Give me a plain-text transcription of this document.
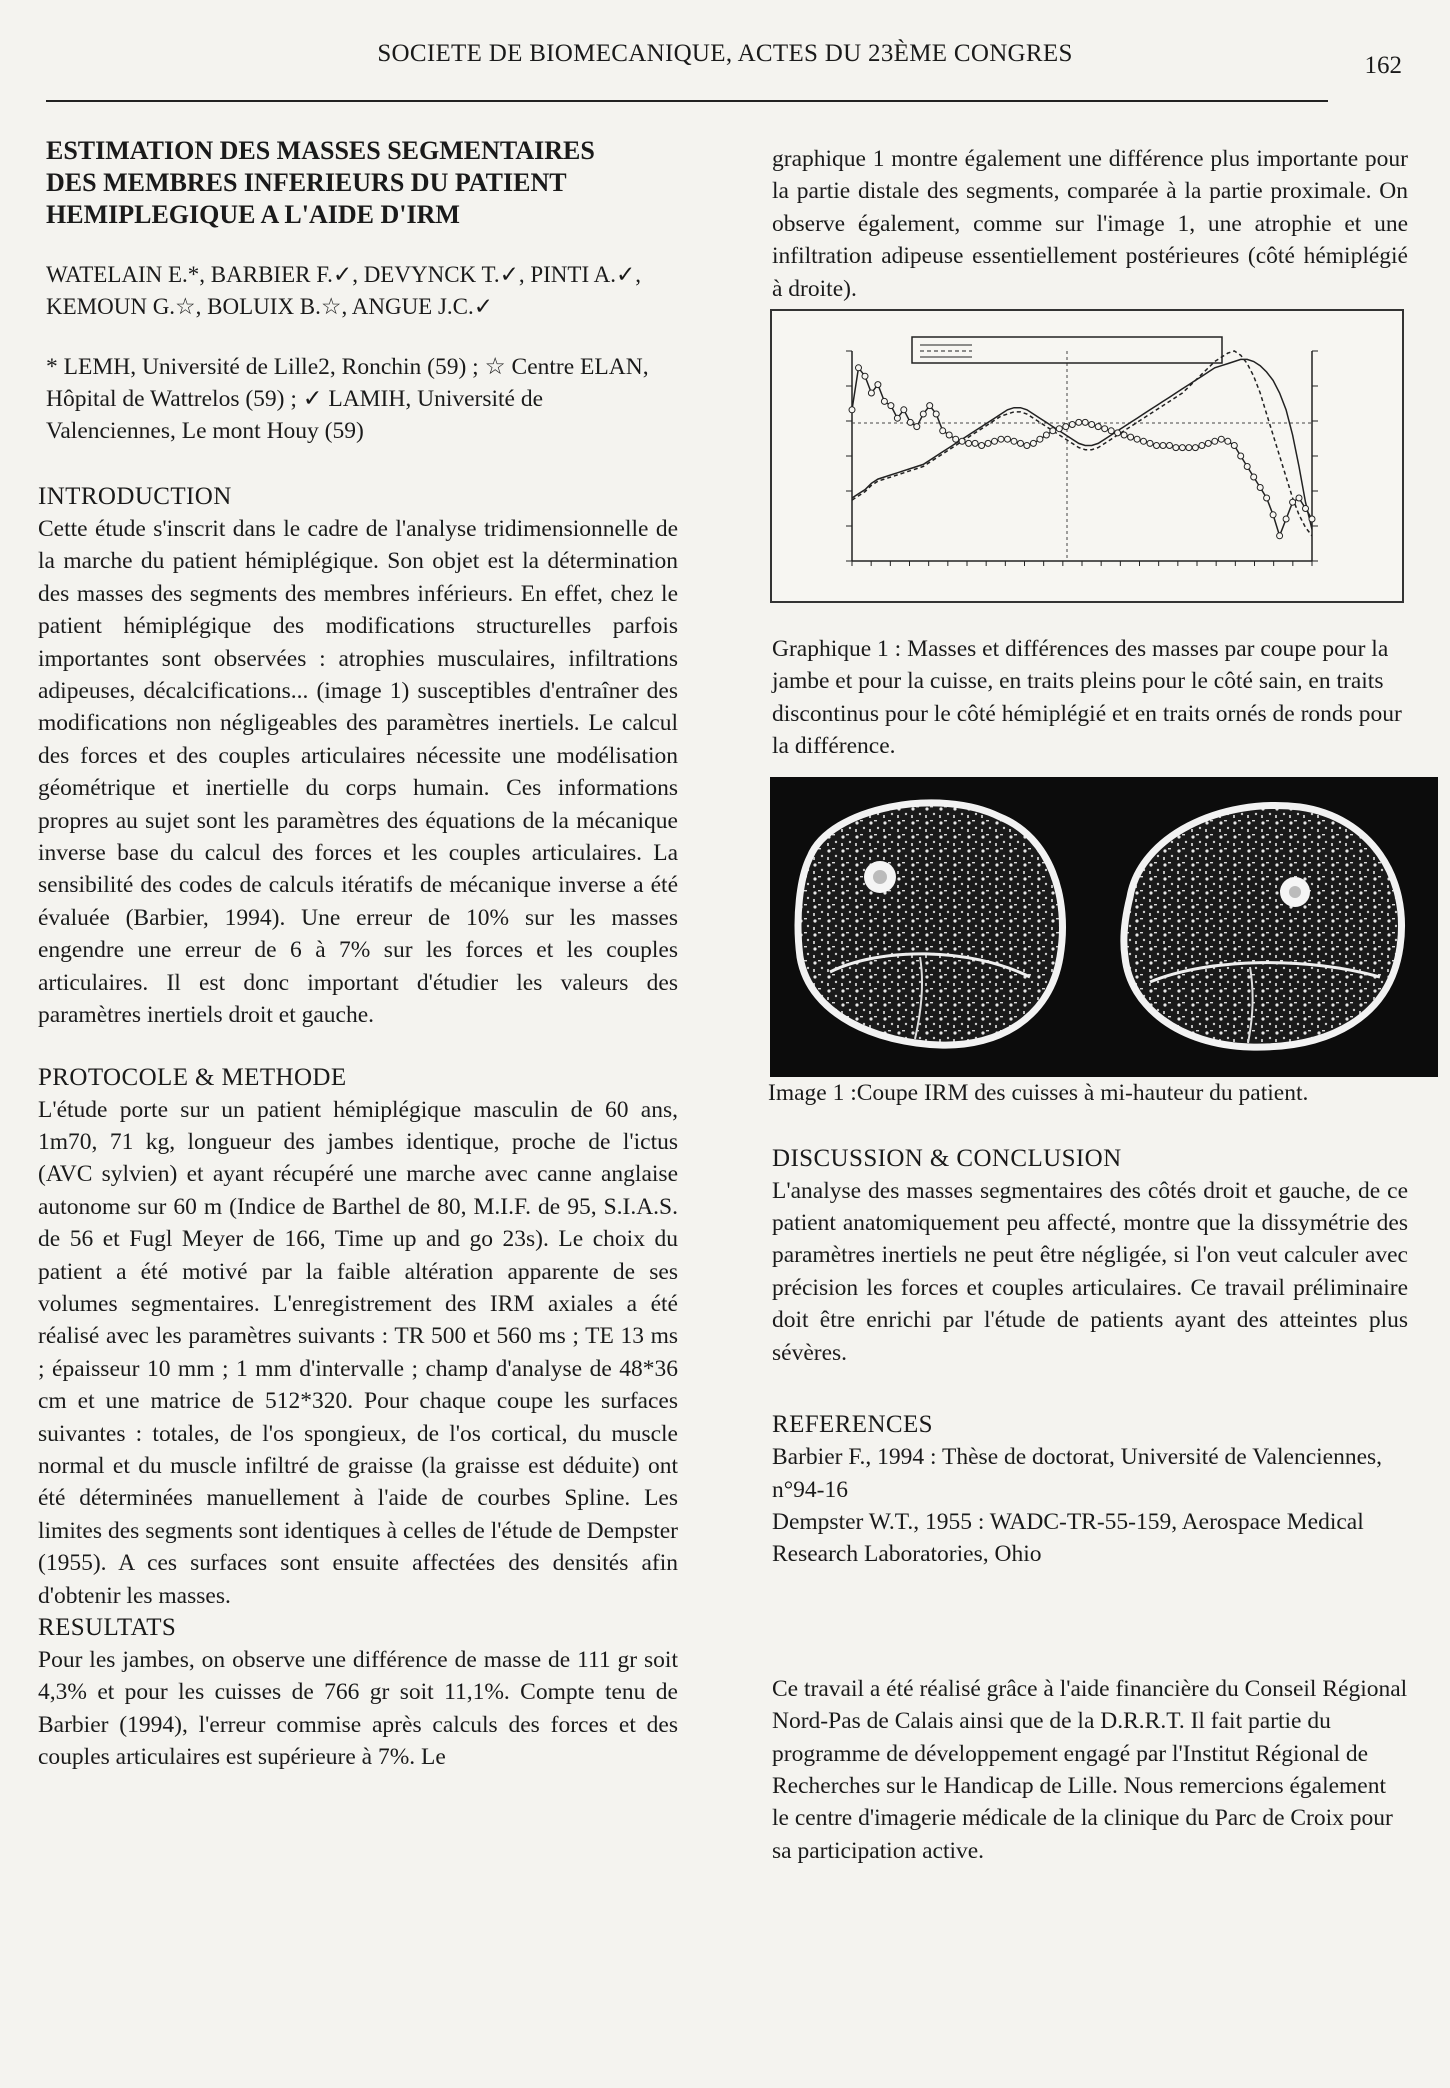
SOCIETE DE BIOMECANIQUE, ACTES DU 23ÈME CONGRES	162
ESTIMATION DES MASSES SEGMENTAIRES DES MEMBRES INFERIEURS DU PATIENT HEMIPLEGIQUE A L'AIDE D'IRM
WATELAIN E.*, BARBIER F.✓, DEVYNCK T.✓, PINTI A.✓, KEMOUN G.☆, BOLUIX B.☆, ANGUE J.C.✓
* LEMH, Université de Lille2, Ronchin (59) ; ☆ Centre ELAN, Hôpital de Wattrelos (59) ; ✓ LAMIH, Université de Valenciennes, Le mont Houy (59)
INTRODUCTION

Cette étude s'inscrit dans le cadre de l'analyse tridimensionnelle de la marche du patient hémiplégique. Son objet est la détermination des masses des segments des membres inférieurs. En effet, chez le patient hémiplégique des modifications structurelles parfois importantes sont observées : atrophies musculaires, infiltrations adipeuses, décalcifications... (image 1) susceptibles d'entraîner des modifications non négligeables des paramètres inertiels. Le calcul des forces et des couples articulaires nécessite une modélisation géométrique et inertielle du corps humain. Ces informations propres au sujet sont les paramètres des équations de la mécanique inverse base du calcul des forces et les couples articulaires. La sensibilité des codes de calculs itératifs de mécanique inverse a été évaluée (Barbier, 1994). Une erreur de 10% sur les masses engendre une erreur de 6 à 7% sur les forces et les couples articulaires. Il est donc important d'étudier les valeurs des paramètres inertiels droit et gauche.

PROTOCOLE & METHODE

L'étude porte sur un patient hémiplégique masculin de 60 ans, 1m70, 71 kg, longueur des jambes identique, proche de l'ictus (AVC sylvien) et ayant récupéré une marche avec canne anglaise autonome sur 60 m (Indice de Barthel de 80, M.I.F. de 95, S.I.A.S. de 56 et Fugl Meyer de 166, Time up and go 23s). Le choix du patient a été motivé par la faible altération apparente de ses volumes segmentaires. L'enregistrement des IRM axiales a été réalisé avec les paramètres suivants : TR 500 et 560 ms ; TE 13 ms ; épaisseur 10 mm ; 1 mm d'intervalle ; champ d'analyse de 48*36 cm et une matrice de 512*320. Pour chaque coupe les surfaces suivantes : totales, de l'os spongieux, de l'os cortical, du muscle normal et du muscle infiltré de graisse (la graisse est déduite) ont été déterminées manuellement à l'aide de courbes Spline. Les limites des segments sont identiques à celles de l'étude de Dempster (1955). A ces surfaces sont ensuite affectées des densités afin d'obtenir les masses.

RESULTATS

Pour les jambes, on observe une différence de masse de 111 gr soit 4,3% et pour les cuisses de 766 gr soit 11,1%. Compte tenu de Barbier (1994), l'erreur commise après calculs des forces et des couples articulaires est supérieure à 7%. Le

graphique 1 montre également une différence plus importante pour la partie distale des segments, comparée à la partie proximale. On observe également, comme sur l'image 1, une atrophie et une infiltration adipeuse essentiellement postérieures (côté hémiplégié à droite).

Graphique 1 : Masses et différences des masses par coupe pour la jambe et pour la cuisse, en traits pleins pour le côté sain, en traits discontinus pour le côté hémiplégié et en traits ornés de ronds pour la différence.

Image 1 :Coupe IRM des cuisses à mi-hauteur du patient.

DISCUSSION & CONCLUSION

L'analyse des masses segmentaires des côtés droit et gauche, de ce patient anatomiquement peu affecté, montre que la dissymétrie des paramètres inertiels ne peut être négligée, si l'on veut calculer avec précision les forces et couples articulaires. Ce travail préliminaire doit être enrichi par l'étude de patients ayant des atteintes plus sévères.

REFERENCES

Barbier F., 1994 : Thèse de doctorat, Université de Valenciennes, n°94-16

Dempster W.T., 1955 : WADC-TR-55-159, Aerospace Medical Research Laboratories, Ohio

Ce travail a été réalisé grâce à l'aide financière du Conseil Régional Nord-Pas de Calais ainsi que de la D.R.R.T. Il fait partie du programme de développement engagé par l'Institut Régional de Recherches sur le Handicap de Lille. Nous remercions également le centre d'imagerie médicale de la clinique du Parc de Croix pour sa participation active.
